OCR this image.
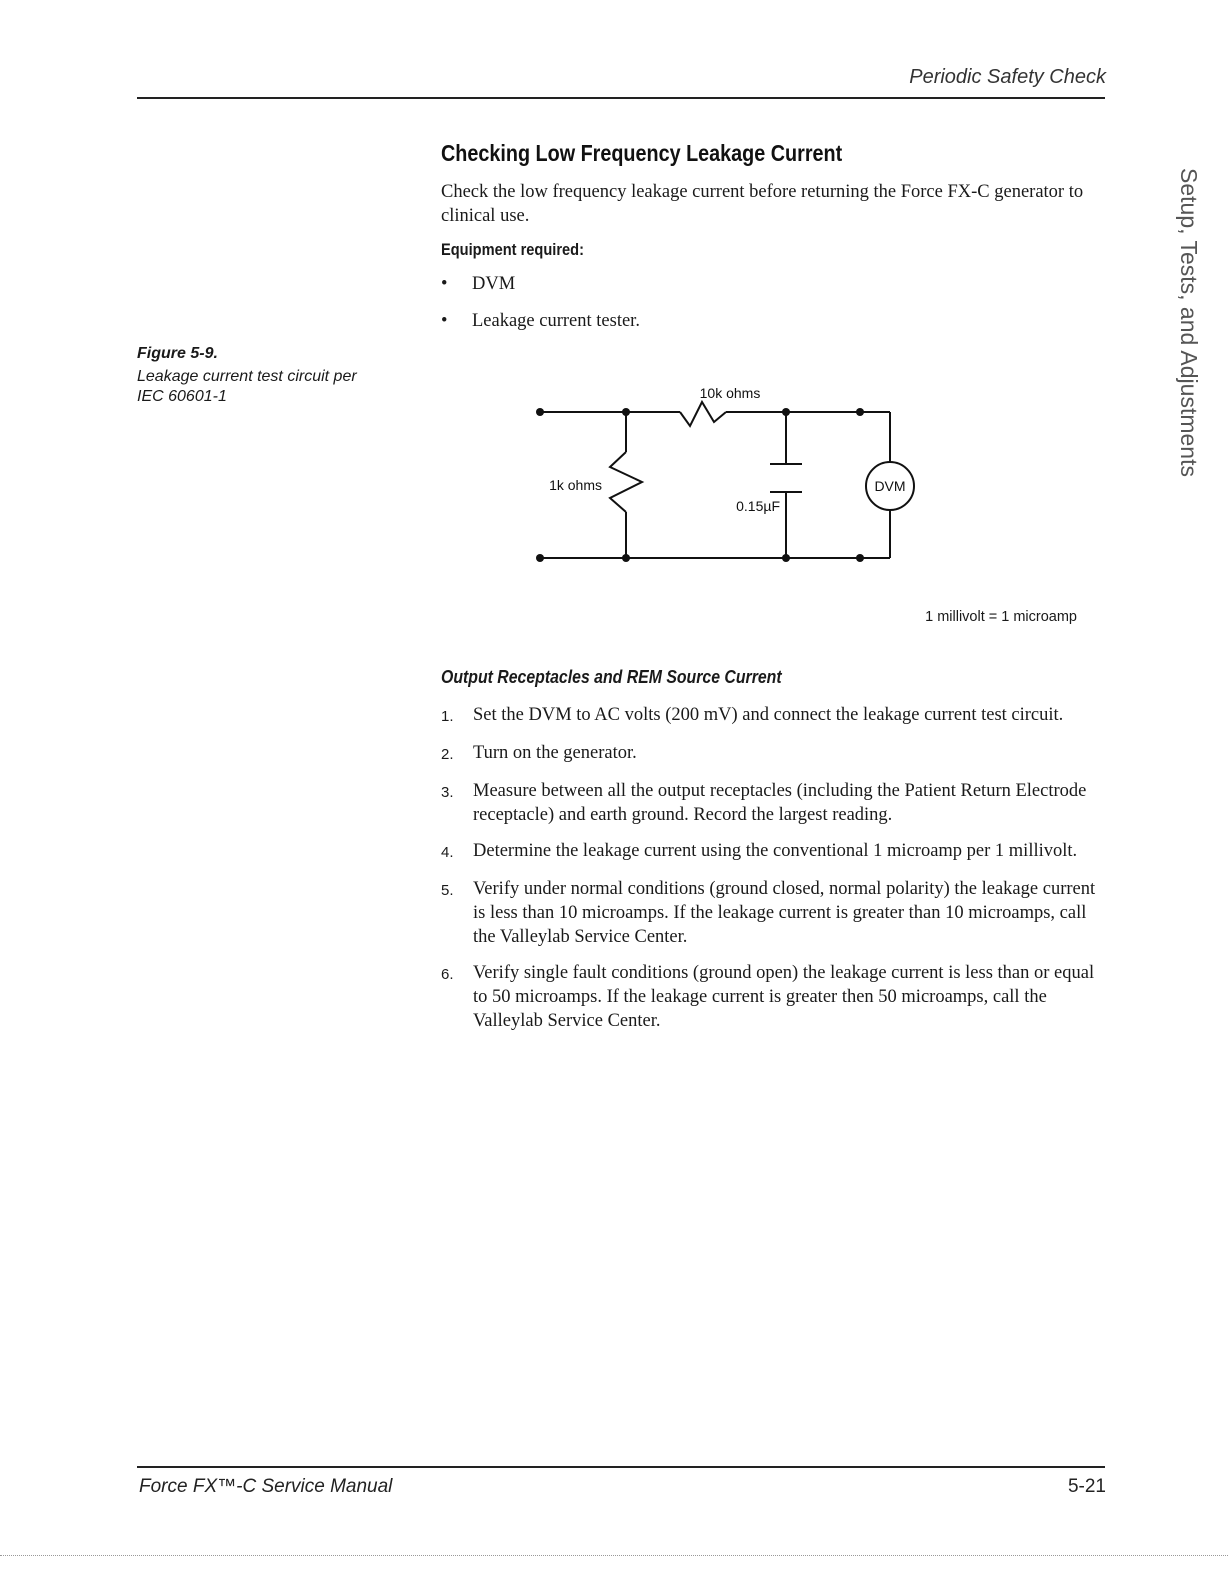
Periodic Safety Check
Setup, Tests, and Adjustments
Checking Low Frequency Leakage Current
Check the low frequency leakage current before returning the Force FX-C generator to clinical use.
Equipment required:
• DVM
• Leakage current tester.
Figure 5-9.
Leakage current test circuit per IEC 60601-1	10k ohms
1k ohms
0.15µF
DVM
1 millivolt = 1 microamp
Output Receptacles and REM Source Current
1.	Set the DVM to AC volts (200 mV) and connect the leakage current test circuit.
2.	Turn on the generator.
3.	Measure between all the output receptacles (including the Patient Return Electrode receptacle) and earth ground. Record the largest reading.
4.	Determine the leakage current using the conventional 1 microamp per 1 millivolt.
5.	Verify under normal conditions (ground closed, normal polarity) the leakage current is less than 10 microamps. If the leakage current is greater than 10 microamps, call the Valleylab Service Center.
6.	Verify single fault conditions (ground open) the leakage current is less than or equal to 50 microamps. If the leakage current is greater then 50 microamps, call the Valleylab Service Center.
Force FX™-C Service Manual	5-21
